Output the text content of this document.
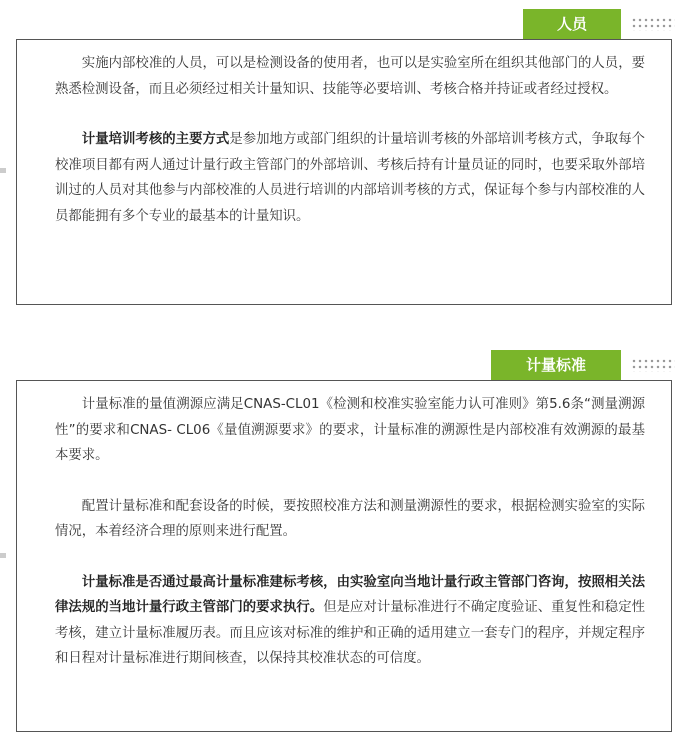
人员

实施内部校准的人员，可以是检测设备的使用者，也可以是实验室所在组织其他部门的人员，要熟悉检测设备，而且必须经过相关计量知识、技能等必要培训、考核合格并持证或者经过授权。

计量培训考核的主要方式是参加地方或部门组织的计量培训考核的外部培训考核方式，争取每个校准项目都有两人通过计量行政主管部门的外部培训、考核后持有计量员证的同时，也要采取外部培训过的人员对其他参与内部校准的人员进行培训的内部培训考核的方式，保证每个参与内部校准的人员都能拥有多个专业的最基本的计量知识。

计量标准

计量标准的量值溯源应满足CNAS-CL01《检测和校准实验室能力认可准则》第5.6条“测量溯源性”的要求和CNAS- CL06《量值溯源要求》的要求，计量标准的溯源性是内部校准有效溯源的最基本要求。

配置计量标准和配套设备的时候，要按照校准方法和测量溯源性的要求，根据检测实验室的实际情况，本着经济合理的原则来进行配置。

计量标准是否通过最高计量标准建标考核，由实验室向当地计量行政主管部门咨询，按照相关法律法规的当地计量行政主管部门的要求执行。但是应对计量标准进行不确定度验证、重复性和稳定性考核，建立计量标准履历表。而且应该对标准的维护和正确的适用建立一套专门的程序，并规定程序和日程对计量标准进行期间核查，以保持其校准状态的可信度。
